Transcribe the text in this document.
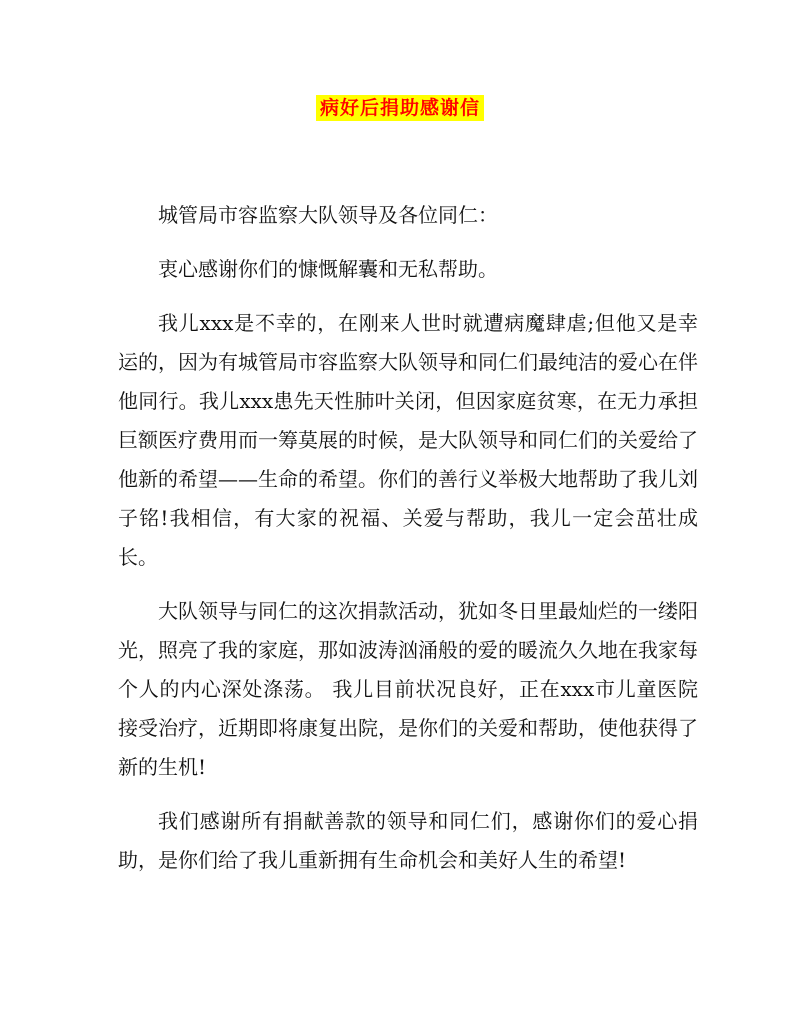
病好后捐助感谢信

城管局市容监察大队领导及各位同仁：

衷心感谢你们的慷慨解囊和无私帮助。

我儿xxx是不幸的，在刚来人世时就遭病魔肆虐;但他又是幸运的，因为有城管局市容监察大队领导和同仁们最纯洁的爱心在伴他同行。我儿xxx患先天性肺叶关闭，但因家庭贫寒，在无力承担巨额医疗费用而一筹莫展的时候，是大队领导和同仁们的关爱给了他新的希望——生命的希望。你们的善行义举极大地帮助了我儿刘子铭!我相信，有大家的祝福、关爱与帮助，我儿一定会茁壮成长。

大队领导与同仁的这次捐款活动，犹如冬日里最灿烂的一缕阳光，照亮了我的家庭，那如波涛汹涌般的爱的暖流久久地在我家每个人的内心深处涤荡。 我儿目前状况良好，正在xxx市儿童医院接受治疗，近期即将康复出院，是你们的关爱和帮助，使他获得了新的生机!

我们感谢所有捐献善款的领导和同仁们，感谢你们的爱心捐助，是你们给了我儿重新拥有生命机会和美好人生的希望!
